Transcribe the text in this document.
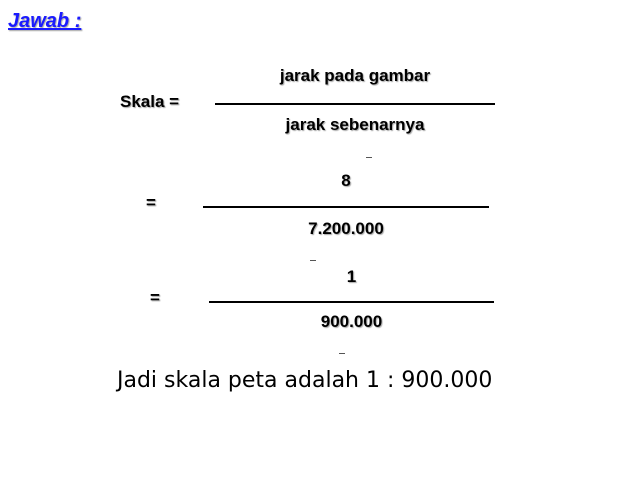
Jawab :
Skala =
jarak pada gambar
jarak sebenarnya
=
8
7.200.000
=
1
900.000
Jadi skala peta adalah 1 : 900.000
